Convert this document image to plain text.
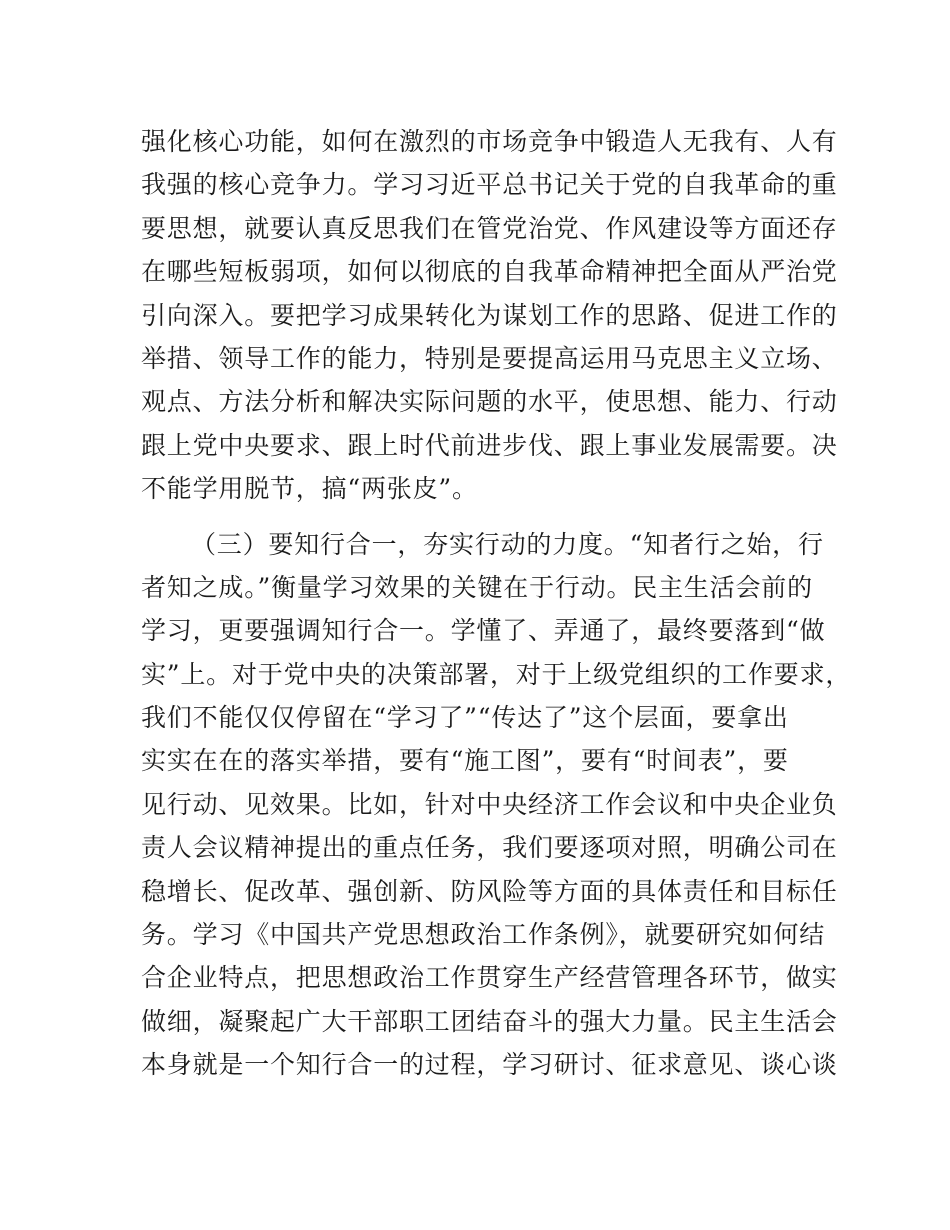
强化核心功能，如何在激烈的市场竞争中锻造人无我有、人有
我强的核心竞争力。学习习近平总书记关于党的自我革命的重
要思想，就要认真反思我们在管党治党、作风建设等方面还存
在哪些短板弱项，如何以彻底的自我革命精神把全面从严治党
引向深入。要把学习成果转化为谋划工作的思路、促进工作的
举措、领导工作的能力，特别是要提高运用马克思主义立场、
观点、方法分析和解决实际问题的水平，使思想、能力、行动
跟上党中央要求、跟上时代前进步伐、跟上事业发展需要。决
不能学用脱节，搞“两张皮”。
（三）要知行合一，夯实行动的力度。“知者行之始，行
者知之成。”衡量学习效果的关键在于行动。民主生活会前的
学习，更要强调知行合一。学懂了、弄通了，最终要落到“做
实”上。对于党中央的决策部署，对于上级党组织的工作要求，
我们不能仅仅停留在“学习了”“传达了”这个层面，要拿出
实实在在的落实举措，要有“施工图”，要有“时间表”，要
见行动、见效果。比如，针对中央经济工作会议和中央企业负
责人会议精神提出的重点任务，我们要逐项对照，明确公司在
稳增长、促改革、强创新、防风险等方面的具体责任和目标任
务。学习《中国共产党思想政治工作条例》，就要研究如何结
合企业特点，把思想政治工作贯穿生产经营管理各环节，做实
做细，凝聚起广大干部职工团结奋斗的强大力量。民主生活会
本身就是一个知行合一的过程，学习研讨、征求意见、谈心谈
